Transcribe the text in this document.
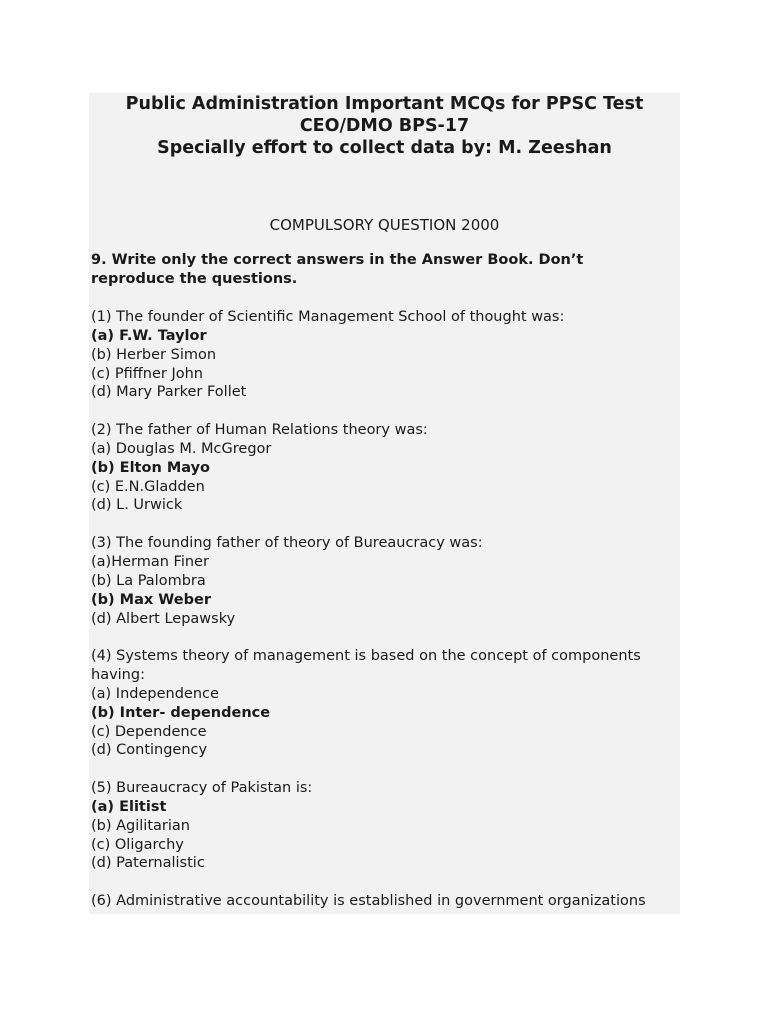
Public Administration Important MCQs for PPSC Test
CEO/DMO BPS-17
Specially effort to collect data by: M. Zeeshan
COMPULSORY QUESTION 2000
9. Write only the correct answers in the Answer Book. Don’t reproduce the questions.
(1) The founder of Scientific Management School of thought was:
(a) F.W. Taylor
(b) Herber Simon
(c) Pfiffner John
(d) Mary Parker Follet
(2) The father of Human Relations theory was:
(a) Douglas M. McGregor
(b) Elton Mayo
(c) E.N.Gladden
(d) L. Urwick
(3) The founding father of theory of Bureaucracy was:
(a)Herman Finer
(b) La Palombra
(b) Max Weber
(d) Albert Lepawsky
(4) Systems theory of management is based on the concept of components having:
(a) Independence
(b) Inter- dependence
(c) Dependence
(d) Contingency
(5) Bureaucracy of Pakistan is:
(a) Elitist
(b) Agilitarian
(c) Oligarchy
(d) Paternalistic
(6) Administrative accountability is established in government organizations
